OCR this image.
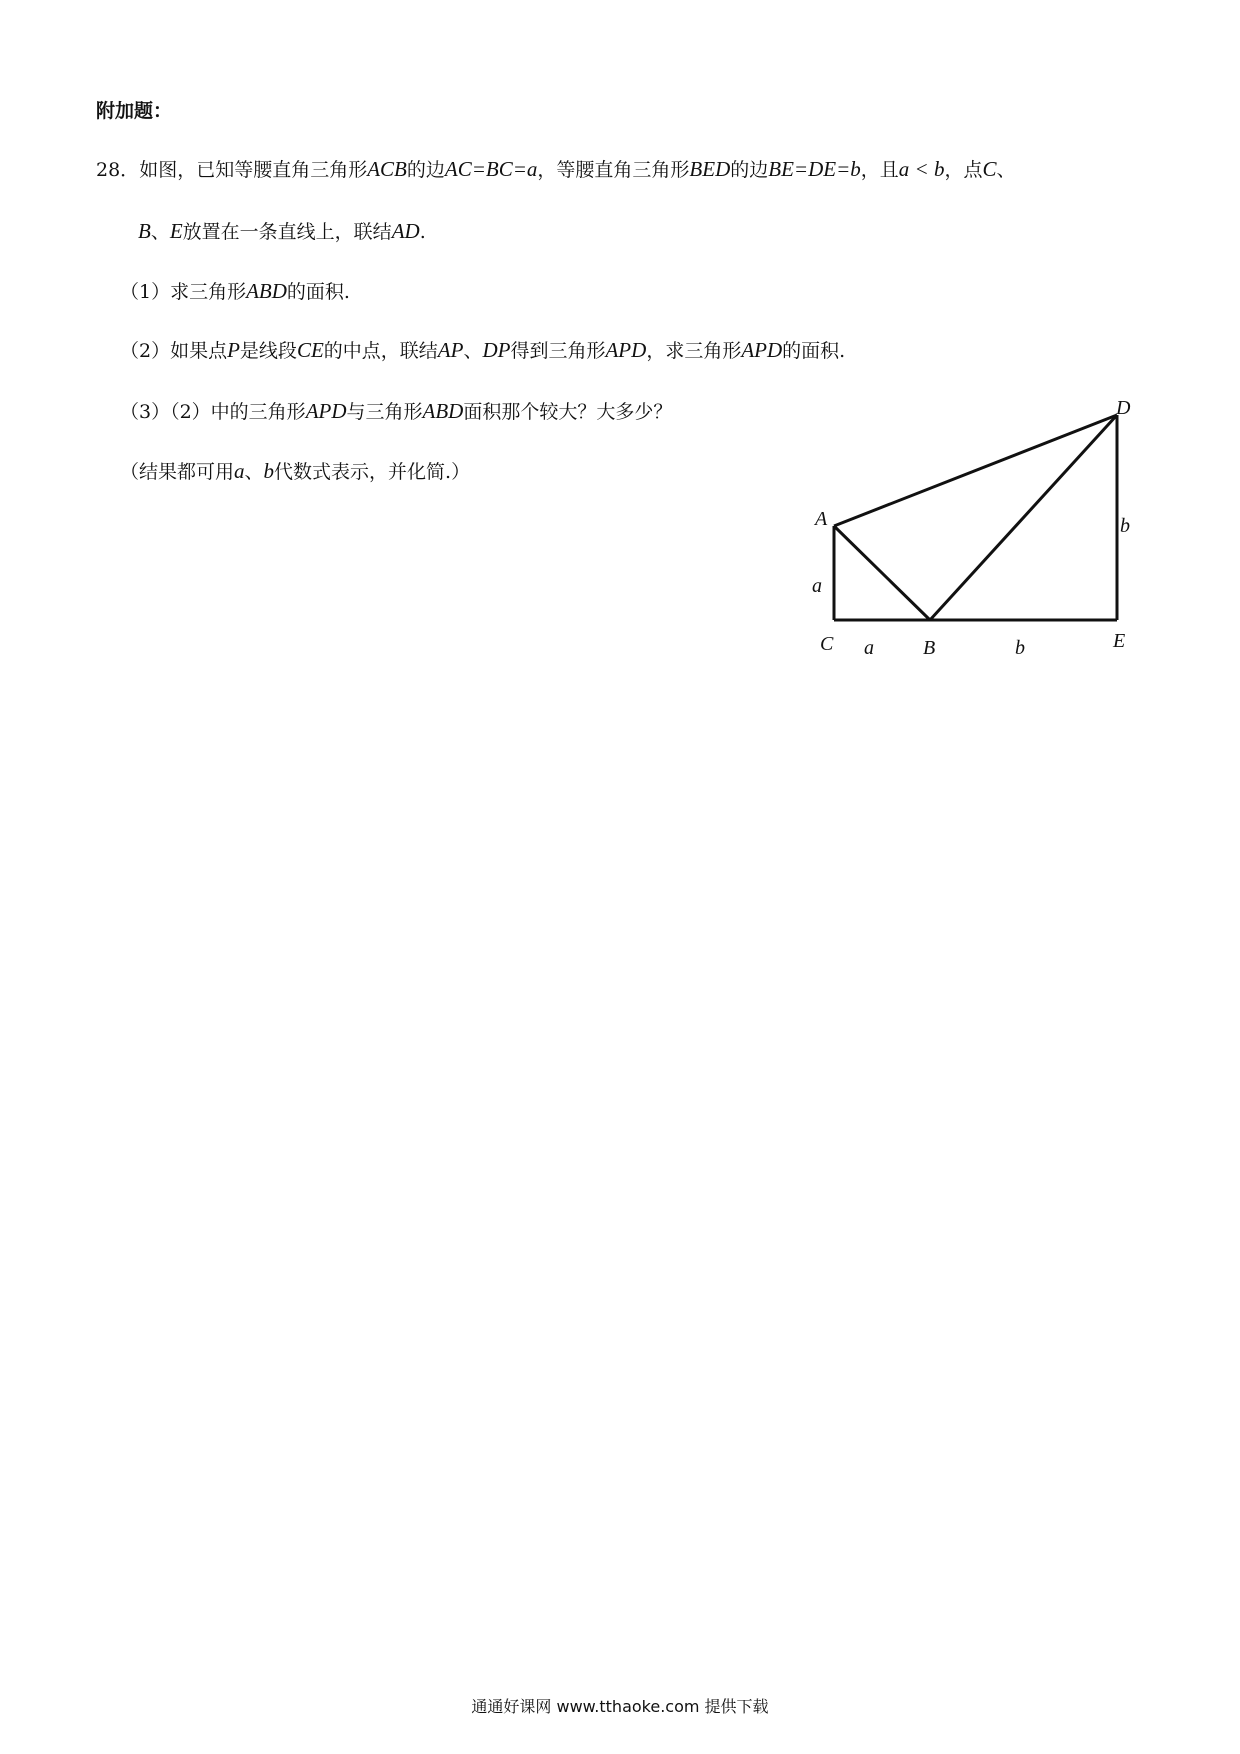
附加题：
28．如图，已知等腰直角三角形ACB的边AC=BC=a，等腰直角三角形BED的边BE=DE=b，且a < b，点C、
B、E放置在一条直线上，联结AD.
（1）求三角形ABD的面积.
（2）如果点P是线段CE的中点，联结AP、DP得到三角形APD，求三角形APD的面积.
（3）（2）中的三角形APD与三角形ABD面积那个较大？大多少？
（结果都可用a、b代数式表示，并化简.）
D
A
C	B	E
a
a	b
b
通通好课网 www.tthaoke.com 提供下载
